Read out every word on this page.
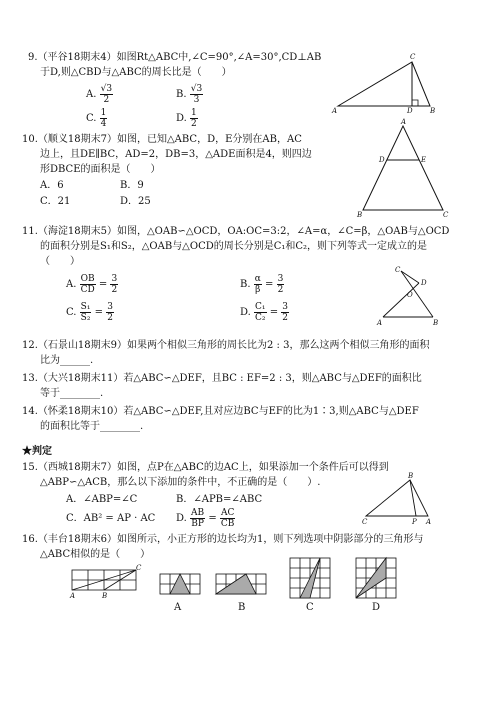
9.（平谷18期末4）如图Rt△ABC中,∠C=90°,∠A=30°,CD⊥AB
于D,则△CBD与△ABC的周长比是（　　）
A. $\frac{√3}{2}$	B. $\frac{√3}{3}$
C. $\frac{1}{4}$	D. $\frac{1}{2}$
C
A	D B
10.（顺义18期末7）如图，已知△ABC，D，E分别在AB，AC
边上，且DE∥BC，AD=2，DB=3，△ADE面积是4，则四边
形DBCE的面积是（　　）
A．6	B．9
C．21	D．25
A
D	E
B	C
11.（海淀18期末5）如图，△OAB∽△OCD，OA:OC=3:2，∠A=α，∠C=β，△OAB与△OCD
的面积分别是S₁和S₂，△OAB与△OCD的周长分别是C₁和C₂，则下列等式一定成立的是
（　　）
A. $\frac{OB}{CD} = \frac{3}{2}$	B. $\frac{\alpha}{\beta} = \frac{3}{2}$
C. $\frac{\text{S₁}}{\text{S₂}} = \frac{3}{2}$	D. $\frac{\text{C₁}}{\text{C₂}} = \frac{3}{2}$
C
D
O
A	B
12.（石景山18期末9）如果两个相似三角形的周长比为2 : 3，那么这两个相似三角形的面积
比为______.
13.（大兴18期末11）若△ABC∽△DEF，且BC : EF=2 : 3，则△ABC与△DEF的面积比
等于________.
14.（怀柔18期末10）若△ABC∽△DEF,且对应边BC与EF的比为1∶3,则△ABC与△DEF
的面积比等于________.
★判定
15.（西城18期末7）如图，点P在△ABC的边AC上，如果添加一个条件后可以得到
△ABP∽△ACB，那么以下添加的条件中，不正确的是（　　）.
A．∠ABP=∠C	B．∠APB=∠ABC
C．AB² = AP · AC D. $\frac{AB}{BP} = \frac{AC}{CB}$
B
C	P A
16.（丰台18期末6）如图所示，小正方形的边长均为1，则下列选项中阴影部分的三角形与
△ABC相似的是（　　）
C
A	B
A	B	C	D
